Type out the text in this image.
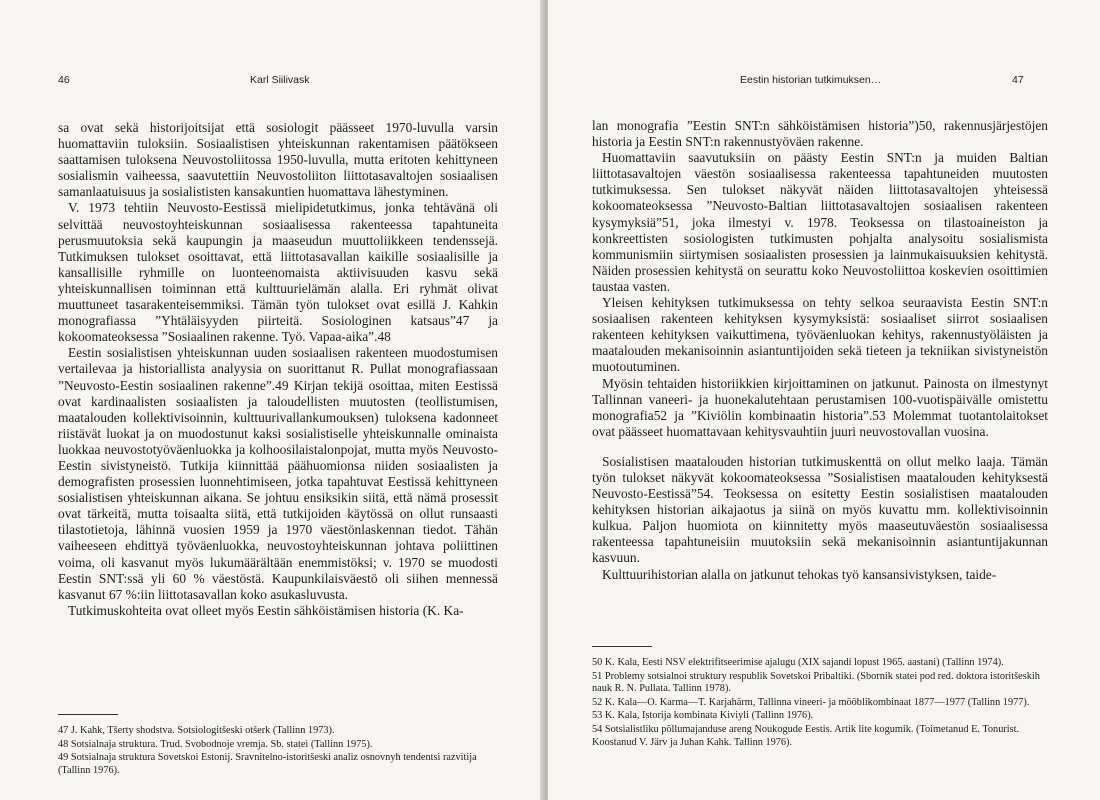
46	Karl Siilivask

sa ovat sekä historijoitsijat että sosiologit päässeet 1970-luvulla varsin huomattaviin tuloksiin. Sosiaalistisen yhteiskunnan rakentamisen päätökseen saattamisen tuloksena Neuvostoliitossa 1950-luvulla, mutta eritoten kehittyneen sosialismin vaiheessa, saavutettiin Neuvostoliiton liittotasavaltojen sosiaalisen samanlaatuisuus ja sosialististen kansakuntien huomattava lähestyminen.

V. 1973 tehtiin Neuvosto-Eestissä mielipidetutkimus, jonka tehtävänä oli selvittää neuvostoyhteiskunnan sosiaalisessa rakenteessa tapahtuneita perusmuutoksia sekä kaupungin ja maaseudun muuttoliikkeen tendenssejä. Tutkimuksen tulokset osoittavat, että liittotasavallan kaikille sosiaalisille ja kansallisille ryhmille on luonteenomaista aktiivisuuden kasvu sekä yhteiskunnallisen toiminnan että kulttuurielämän alalla. Eri ryhmät olivat muuttuneet tasarakenteisemmiksi. Tämän työn tulokset ovat esillä J. Kahkin monografiassa ”Yhtäläisyyden piirteitä. Sosiologinen katsaus”47 ja kokoomateoksessa ”Sosiaalinen rakenne. Työ. Vapaa-aika”.48

Eestin sosialistisen yhteiskunnan uuden sosiaalisen rakenteen muodostumisen vertailevaa ja historiallista analyysia on suorittanut R. Pullat monografiassaan ”Neuvosto-Eestin sosiaalinen rakenne”.49 Kirjan tekijä osoittaa, miten Eestissä ovat kardinaalisten sosiaalisten ja taloudellisten muutosten (teollistumisen, maatalouden kollektivisoinnin, kulttuurivallankumouksen) tuloksena kadonneet riistävät luokat ja on muodostunut kaksi sosialistiselle yhteiskunnalle ominaista luokkaa neuvostotyöväenluokka ja kolhoosilaistalonpojat, mutta myös Neuvosto-Eestin sivistyneistö. Tutkija kiinnittää päähuomionsa niiden sosiaalisten ja demografisten prosessien luonnehtimiseen, jotka tapahtuvat Eestissä kehittyneen sosialistisen yhteiskunnan aikana. Se johtuu ensiksikin siitä, että nämä prosessit ovat tärkeitä, mutta toisaalta siitä, että tutkijoiden käytössä on ollut runsaasti tilastotietoja, lähinnä vuosien 1959 ja 1970 väestönlaskennan tiedot. Tähän vaiheeseen ehdittyä työväenluokka, neuvostoyhteiskunnan johtava poliittinen voima, oli kasvanut myös lukumäärältään enemmistöksi; v. 1970 se muodosti Eestin SNT:ssä yli 60 % väestöstä. Kaupunkilaisväestö oli siihen mennessä kasvanut 67 %:iin liittotasavallan koko asukasluvusta.

Tutkimuskohteita ovat olleet myös Eestin sähköistämisen historia (K. Ka-

47 J. Kahk, Tšerty shodstva. Sotsiologitšeski otšerk (Tallinn 1973).

48 Sotsialnaja struktura. Trud. Svobodnoje vremja. Sb. statei (Tallinn 1975).

49 Sotsialnaja struktura Sovetskoi Estonij. Sravnitelno-istoritšeski analiz osnovnyh tendentsi razvitija (Tallinn 1976).

Eestin historian tutkimuksen…	47

lan monografia ”Eestin SNT:n sähköistämisen historia”)50, rakennusjärjestöjen historia ja Eestin SNT:n rakennustyöväen rakenne.

Huomattaviin saavutuksiin on päästy Eestin SNT:n ja muiden Baltian liittotasavaltojen väestön sosiaalisessa rakenteessa tapahtuneiden muutosten tutkimuksessa. Sen tulokset näkyvät näiden liittotasavaltojen yhteisessä kokoomateoksessa ”Neuvosto-Baltian liittotasavaltojen sosiaalisen rakenteen kysymyksiä”51, joka ilmestyi v. 1978. Teoksessa on tilastoaineiston ja konkreettisten sosiologisten tutkimusten pohjalta analysoitu sosialismista kommunismiin siirtymisen sosiaalisten prosessien ja lainmukaisuuksien kehitystä. Näiden prosessien kehitystä on seurattu koko Neuvostoliittoa koskevien osoittimien taustaa vasten.

Yleisen kehityksen tutkimuksessa on tehty selkoa seuraavista Eestin SNT:n sosiaalisen rakenteen kehityksen kysymyksistä: sosiaaliset siirrot sosiaalisen rakenteen kehityksen vaikuttimena, työväenluokan kehitys, rakennustyöläisten ja maatalouden mekanisoinnin asiantuntijoiden sekä tieteen ja tekniikan sivistyneistön muotoutuminen.

Myösin tehtaiden historiikkien kirjoittaminen on jatkunut. Painosta on ilmestynyt Tallinnan vaneeri- ja huonekalutehtaan perustamisen 100-vuotispäivälle omistettu monografia52 ja ”Kiviölin kombinaatin historia”.53 Molemmat tuotantolaitokset ovat päässeet huomattavaan kehitysvauhtiin juuri neuvostovallan vuosina.

Sosialistisen maatalouden historian tutkimuskenttä on ollut melko laaja. Tämän työn tulokset näkyvät kokoomateoksessa ”Sosialistisen maatalouden kehityksestä Neuvosto-Eestissä”54. Teoksessa on esitetty Eestin sosialistisen maatalouden kehityksen historian aikajaotus ja siinä on myös kuvattu mm. kollektivisoinnin kulkua. Paljon huomiota on kiinnitetty myös maaseutuväestön sosiaalisessa rakenteessa tapahtuneisiin muutoksiin sekä mekanisoinnin asiantuntijakunnan kasvuun.

Kulttuurihistorian alalla on jatkunut tehokas työ kansansivistyksen, taide-

50 K. Kala, Eesti NSV elektrifitseerimise ajalugu (XIX sajandi lopust 1965. aastani) (Tallinn 1974).

51 Problemy sotsialnoi struktury respublik Sovetskoi Pribaltiki. (Sbornik statei pod red. doktora istoritšeskih nauk R. N. Pullata. Tallinn 1978).

52 K. Kala—O. Karma—T. Karjahärm, Tallinna vineeri- ja mööblikombinaat 1877—1977 (Tallinn 1977).

53 K. Kala, Istorija kombinata Kiviyli (Tallinn 1976).

54 Sotsialistliku põllumajanduse areng Noukogude Eestis. Artik lite kogumik. (Toimetanud E. Tonurist. Koostanud V. Järv ja Juhan Kahk. Tallinn 1976).
